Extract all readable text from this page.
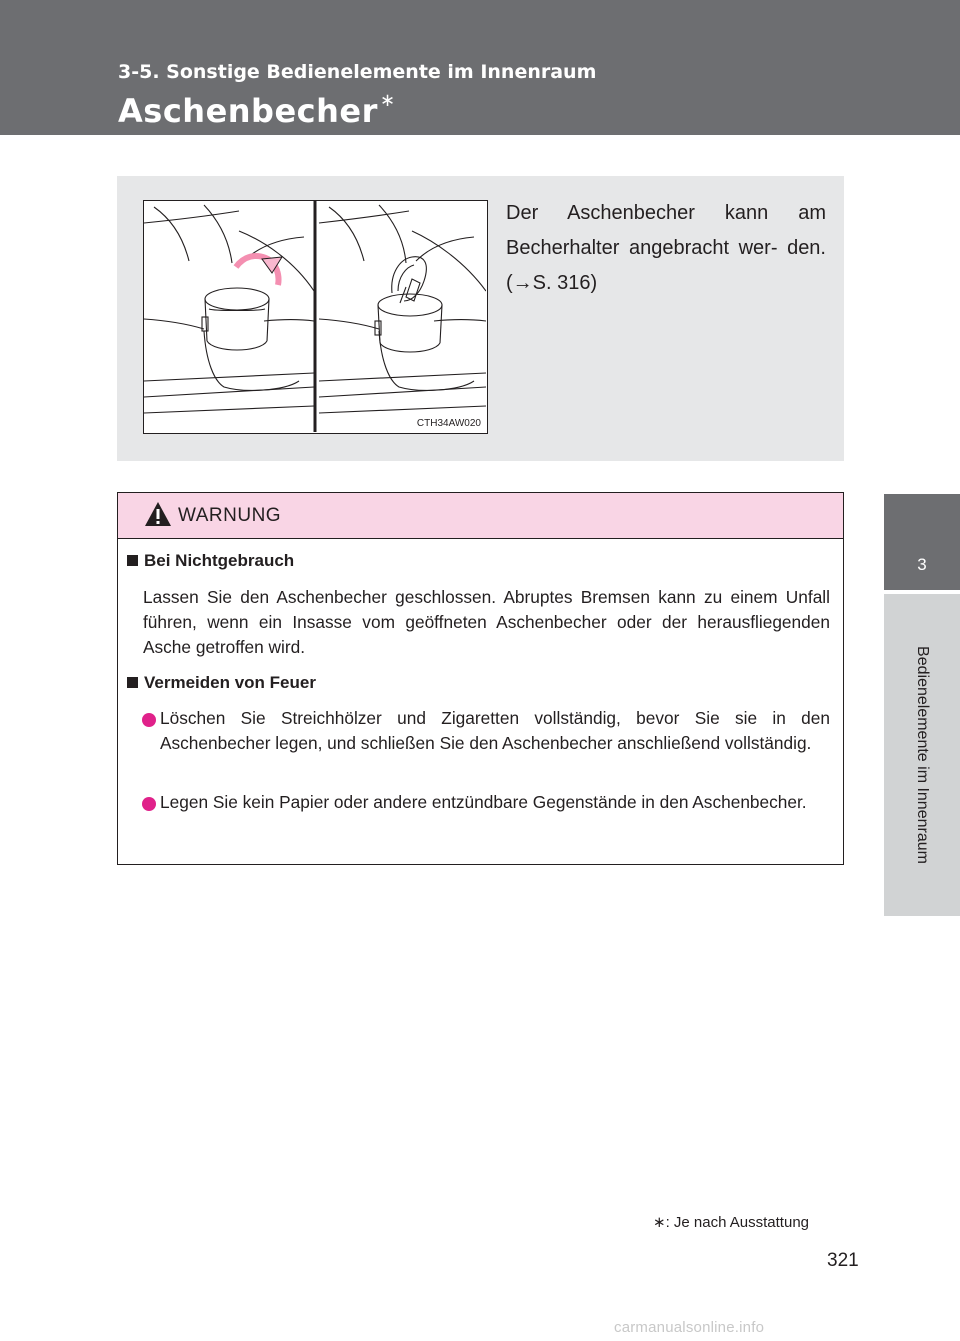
3-5. Sonstige Bedienelemente im Innenraum

Aschenbecher ∗

3
Bedienelemente im Innenraum
CTH34AW020

Der Aschenbecher kann am Becherhalter angebracht wer- den. (→S. 316)

WARNUNG
Bei Nichtgebrauch

Lassen Sie den Aschenbecher geschlossen. Abruptes Bremsen kann zu einem Unfall führen, wenn ein Insasse vom geöffneten Aschenbecher oder der herausfliegenden Asche getroffen wird.

Vermeiden von Feuer

Löschen Sie Streichhölzer und Zigaretten vollständig, bevor Sie sie in den Aschenbecher legen, und schließen Sie den Aschenbecher anschließend vollständig.

Legen Sie kein Papier oder andere entzündbare Gegenstände in den Aschenbecher.

∗: Je nach Ausstattung
321
carmanualsonline.info
